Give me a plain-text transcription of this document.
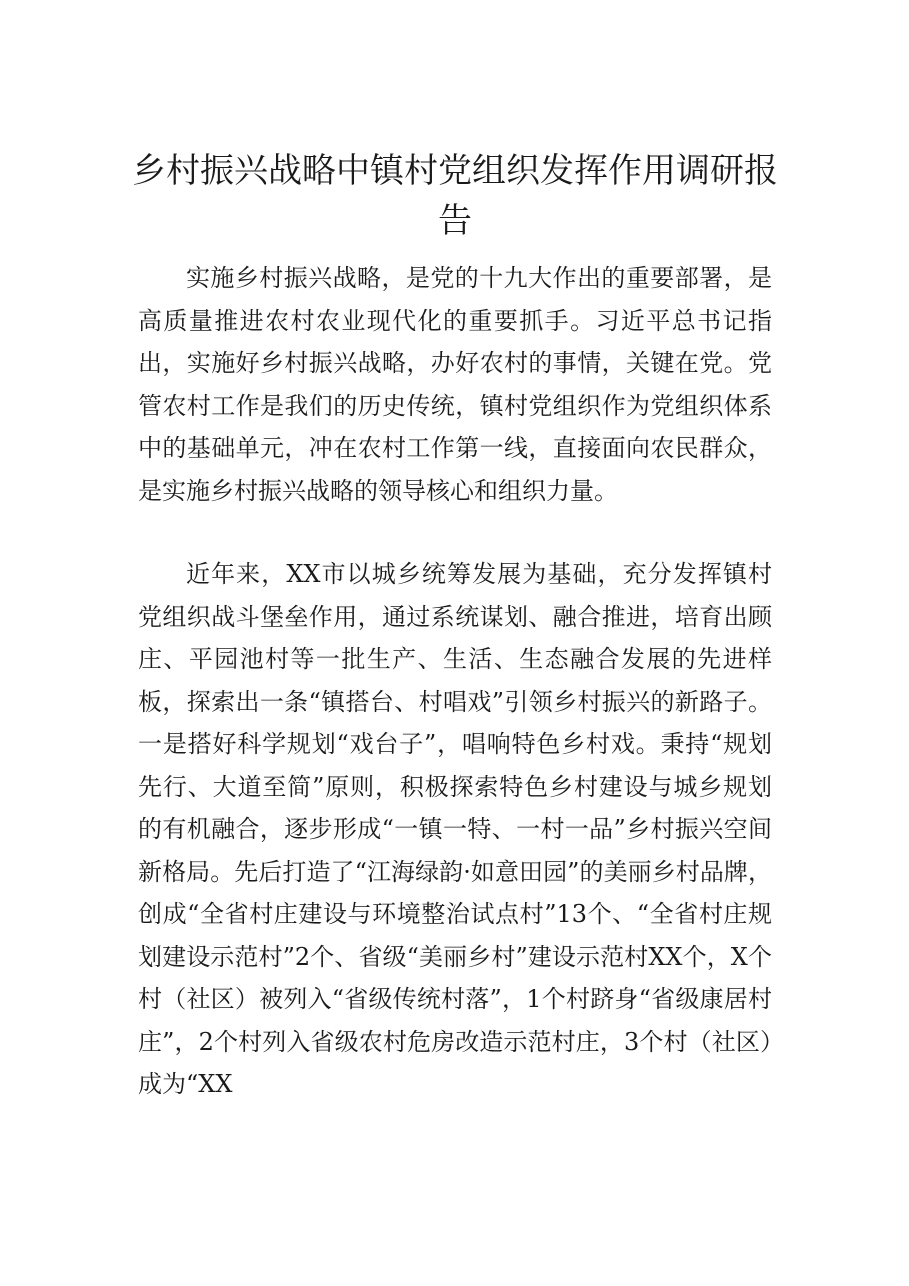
乡村振兴战略中镇村党组织发挥作用调研报告

实施乡村振兴战略，是党的十九大作出的重要部署，是高质量推进农村农业现代化的重要抓手。习近平总书记指出，实施好乡村振兴战略，办好农村的事情，关键在党。党管农村工作是我们的历史传统，镇村党组织作为党组织体系中的基础单元，冲在农村工作第一线，直接面向农民群众，是实施乡村振兴战略的领导核心和组织力量。

近年来，XX市以城乡统筹发展为基础，充分发挥镇村党组织战斗堡垒作用，通过系统谋划、融合推进，培育出顾庄、平园池村等一批生产、生活、生态融合发展的先进样板，探索出一条“镇搭台、村唱戏”引领乡村振兴的新路子。一是搭好科学规划“戏台子”，唱响特色乡村戏。秉持“规划先行、大道至简”原则，积极探索特色乡村建设与城乡规划的有机融合，逐步形成“一镇一特、一村一品”乡村振兴空间新格局。先后打造了“江海绿韵·如意田园”的美丽乡村品牌，创成“全省村庄建设与环境整治试点村”13个、“全省村庄规划建设示范村”2个、省级“美丽乡村”建设示范村XX个，X个村（社区）被列入“省级传统村落”，1个村跻身“省级康居村庄”，2个村列入省级农村危房改造示范村庄，3个村（社区）成为“XX
